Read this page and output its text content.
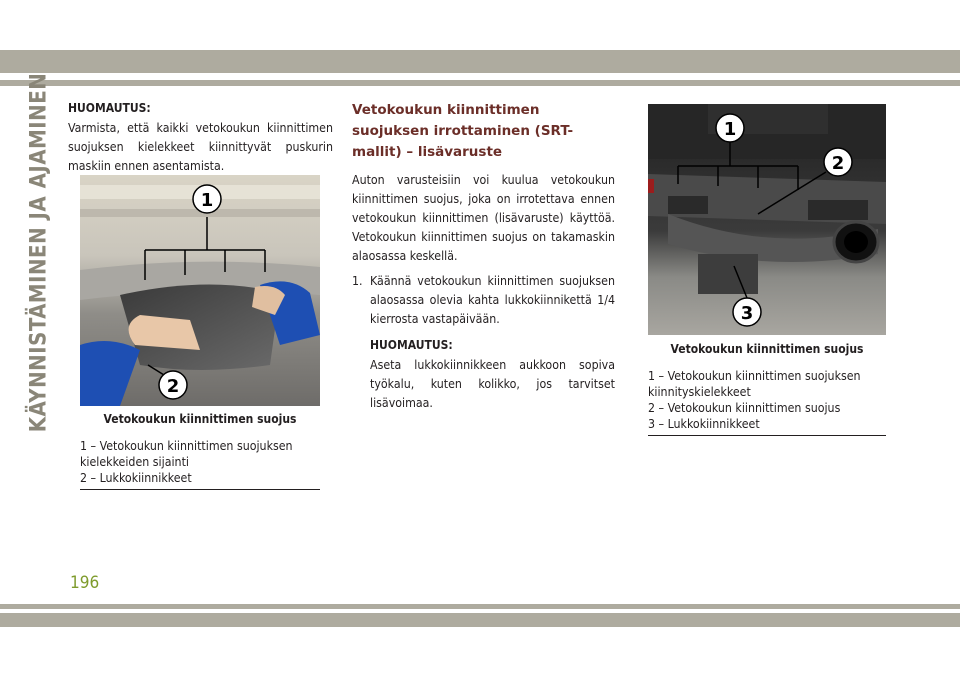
KÄYNNISTÄMINEN JA AJAMINEN HUOMAUTUS:

Varmista, että kaikki vetokoukun kiinnittimen suojuksen kielekkeet kiinnittyvät puskurin maskiin ennen asentamista.

1
2

Vetokoukun kiinnittimen suojus

1 – Vetokoukun kiinnittimen suojuksen kielekkeiden sijainti
2 – Lukkokiinnikkeet

Vetokoukun kiinnittimen suojuksen irrottaminen (SRT-mallit) – lisävaruste

Auton varusteisiin voi kuulua vetokoukun kiinnittimen suojus, joka on irrotettava ennen vetokoukun kiinnittimen (lisävaruste) käyttöä. Vetokoukun kiinnittimen suojus on takamaskin alaosassa keskellä.

1. Käännä vetokoukun kiinnittimen suojuksen alaosassa olevia kahta lukkokiinnikettä 1/4 kierrosta vastapäivään.

HUOMAUTUS:

Aseta lukkokiinnikkeen aukkoon sopiva työkalu, kuten kolikko, jos tarvitset lisävoimaa.

1
2
3

Vetokoukun kiinnittimen suojus

1 – Vetokoukun kiinnittimen suojuksen kiinnityskielekkeet
2 – Vetokoukun kiinnittimen suojus
3 – Lukkokiinnikkeet
196
